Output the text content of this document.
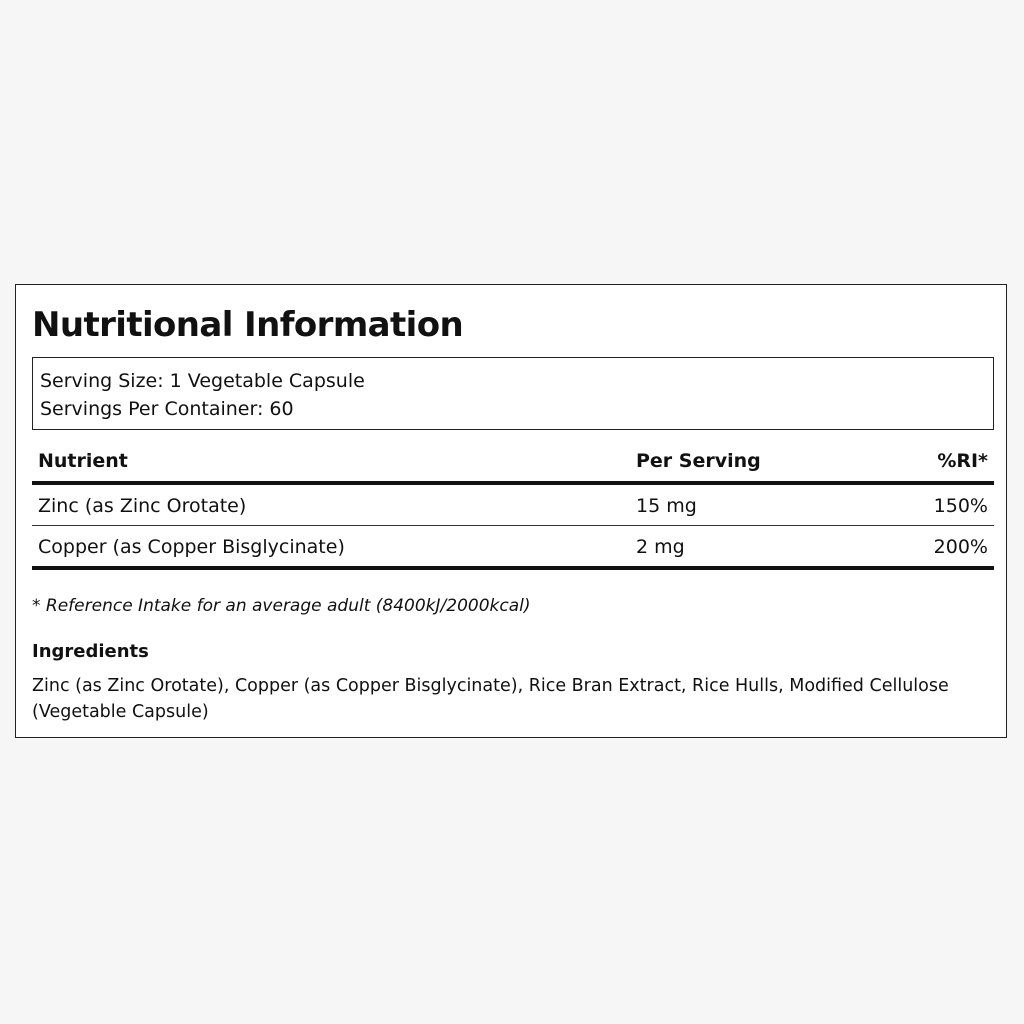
Nutritional Information
Serving Size: 1 Vegetable Capsule
Servings Per Container: 60
Nutrient	Per Serving	%RI*
Zinc (as Zinc Orotate)	15 mg	150%
Copper (as Copper Bisglycinate)	2 mg	200%
* Reference Intake for an average adult (8400kJ/2000kcal)
Ingredients
Zinc (as Zinc Orotate), Copper (as Copper Bisglycinate), Rice Bran Extract, Rice Hulls, Modified Cellulose (Vegetable Capsule)
